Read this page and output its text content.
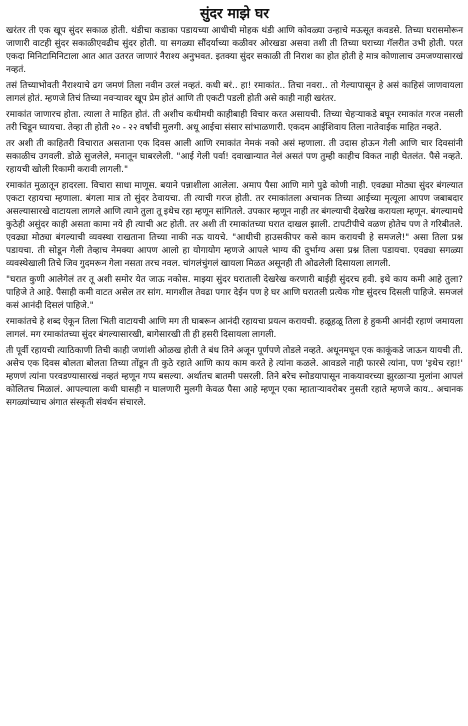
सुंदर माझे घर

खरंतर ती एक खूप सुंदर सकाळ होती. थंडीचा कडाका पडायच्या आधीची मोहक थंडी आणि कोवळ्या उन्हाचे मऊसूत कवडसे. तिच्या घरासमोरून जाणारी वाटही सुंदर सकाळीएवढीच सुंदर होती. या सगळ्या सौंदर्याच्या कळीवर ओरखडा असवा तशी ती तिच्या घराच्या गॅलरीत उभी होती. परत एकदा मिनिटामिनिटाला आत आत उतरत जाणारं नैराश्य अनुभवत. इतक्या सुंदर सकाळी ती निराश का होत होती हे मात्र कोणालाच उमजण्यासारखं नव्हतं.

तसं तिच्याभोवती नैराश्याचे ढग जमणं तिला नवीन उरलं नव्हतं. कधी बरं.. हा! रमाकांत.. तिचा नवरा.. तो गेल्यापासून हे असं काहिसं जाणवायला लागलं होतं. म्हणजे तिचं तिच्या नवऱ्यावर खूप प्रेम होतं आणि ती एकटी पडली होती असे काही नाही खरंतर.

रमाकांत जाणारच होता. त्याला ते माहित होतं. ती अशीच कधीमधी काहीबाही विचार करत असायची. तिच्या चेहऱ्याकडे बघून रमाकांत गरज नसली तरी चिडून घ्यायचा. तेव्हा ती होती २० - २२ वर्षांची मुलगी. अधू आईचा संसार सांभाळणारी. एकदम आईशिवाय तिला नातेवाईक माहित नव्हते.

तर अशी ती काहितरी विचारात असताना एक दिवस आली आणि रमाकांत नेमकं नको असं म्हणाला. ती उदास होऊन गेली आणि चार दिवसांनी सकाळीच उगवली. डोळे सुजलेले, मनातून घाबरलेली. "आई गेली पर्वा! दवाखान्यात नेलं असतं पण तुम्ही काहीच विकत नाही घेतलंत. पैसे नव्हते. रहायची खोली रिकामी करावी लागली."

रमाकांत मुळातून हादरला. विचारा साधा माणूस. बयाने पन्नाशीला आलेला. अमाप पैसा आणि मागे पुढे कोणी नाही. एवढ्या मोठ्या सुंदर बंगल्यात एकटा रहायचा म्हणाला. बंगला मात्र तो सुंदर ठेवायचा. ती त्याची गरज होती. तर रमाकांतला अचानक तिच्या आईच्या मृत्यूला आपण जबाबदार असल्यासारखे वाटायला लागले आणि त्याने तुला तू इथेच रहा म्हणून सांगितले. उपकार म्हणून नाही तर बंगल्याची देखरेख करायला म्हणून. बंगल्यामधे कुठेही असुंदर काही असता कामा नये ही त्याची अट होती. तर अशी ती रमाकांतच्या घरात दाखल झाली. टापटीपीचे वळण होतेच पण ते गरिबीतले. एवढ्या मोठ्या बंगल्याची व्यवस्था राखताना तिच्या नाकी नऊ यायचे. "आधीची हाउसकीपर कसे काम करायची हे समजले!" असा तिला प्रश्न पडायचा. ती सोडून गेली तेव्हाच नेमक्या आपण आलो हा योगायोग म्हणजे आपले भाग्य की दुर्भाग्य असा प्रश्न तिला पडायचा. एवढ्या सगळ्या व्यवस्थेखाली तिचे जिव गुदमरून गेला नसता तरच नवल. चांगलंचुंगलं खायला मिळत असूनही ती ओढलेली दिसायला लागली.

"घरात कुणी आलेगेलं तर तू अशी समोर येत जाऊ नकोस. माझ्या सुंदर घराताली देखरेख करणारी बाईही सुंदरच हवी. इथे काय कमी आहे तुला? पाहिजे ते आहे. पैसाही कमी वाटत असेल तर सांग. मागशील तेवढा पगार देईन पण हे घर आणि घरातली प्रत्येक गोष्ट सुंदरच दिसली पाहिजे. समजलं कसं आनंदी दिसलं पाहिजे."

रमाकांतचे हे शब्द ऐकून तिला भिती वाटायची आणि मग ती घाबरून आनंदी रहायचा प्रयत्न करायची. हळूहळू तिला हे हुकमी आनंदी रहाणं जमायला लागलं. मग रमाकांतच्या सुंदर बंगल्यासारखी, बागेसारखी ती ही हसरी दिसायला लागली.

ती पूर्वी रहायची त्याठिकाणी तिची काही जणांशी ओळख होती ते बंध तिने अजून पूर्णपणे तोडले नव्हते. अधूनमधून एक काकूंकडे जाऊन यायची ती. असेच एक दिवस बोलता बोलता तिच्या तोंडून ती कुठे रहाते आणि काय काम करते हे त्यांना कळले. आवडले नाही फारसे त्यांना, पण 'इथेच रहा!' म्हणणं त्यांना परवडण्यासारखं नव्हतं म्हणून गप्प बसल्या. अर्थातच बातमी पसरली. तिने बरेच स्नोडयापासून नाकयावरच्या झुरळाऱ्या मुलांना आपलं कोलितच मिळालं. आपल्याला कधी घासही न घालणारी मुलगी केवळ पैसा आहे म्हणून एका म्हाताऱ्यावरोबर नुसती रहाते म्हणजे काय.. अचानक सगळ्यांच्याच अंगात संस्कृती संवर्धन संचारले.
